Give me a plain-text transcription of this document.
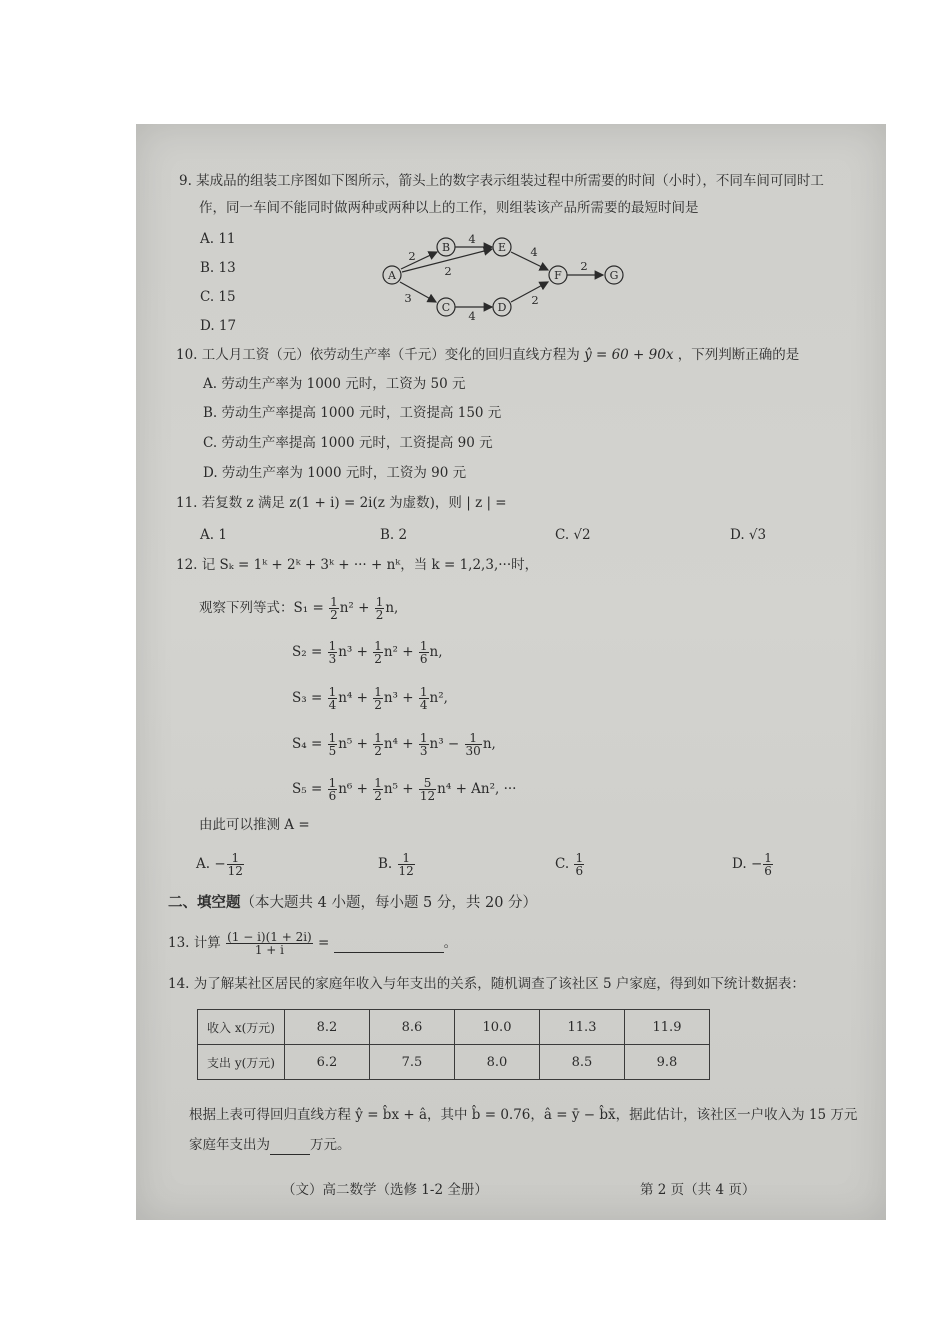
9. 某成品的组装工序图如下图所示，箭头上的数字表示组装过程中所需要的时间（小时），不同车间可同时工
作，同一车间不能同时做两种或两种以上的工作，则组装该产品所需要的最短时间是
A. 11
B. 13
C. 15
D. 17
A
B
C	D
E
F	G
2
2
3
4
4
4
2
2
10. 工人月工资（元）依劳动生产率（千元）变化的回归直线方程为 ŷ = 60 + 90x ，下列判断正确的是
A. 劳动生产率为 1000 元时，工资为 50 元
B. 劳动生产率提高 1000 元时，工资提高 150 元
C. 劳动生产率提高 1000 元时，工资提高 90 元
D. 劳动生产率为 1000 元时，工资为 90 元
11. 若复数 z 满足 z(1 + i) = 2i(z 为虚数)，则 | z | =
A. 1	B. 2	C. √2	D. √3
12. 记 Sₖ = 1ᵏ + 2ᵏ + 3ᵏ + ··· + nᵏ，当 k = 1,2,3,···时，
观察下列等式：$S_1 = \frac{1}{2} n^2 + \frac{1}{2} n$,
$S_2 = \frac{1}{3} n^3 + \frac{1}{2} n^2 + \frac{1}{6} n$,
$S_3 = \frac{1}{4} n^4 + \frac{1}{2} n^3 + \frac{1}{4} n^2$,
$S_4 = \frac{1}{5} n^5 + \frac{1}{2} n^4 + \frac{1}{3} n^3 - \frac{1}{30} n$,
$S_5 = \frac{1}{6} n^6 + \frac{1}{2} n^5 + \frac{5}{12} n^4 + An^2$, ···
由此可以推测 A =
A. − $\frac{1}{12}$	B. $\frac{1}{12}$	C. $\frac{1}{6}$	D. − $\frac{1}{6}$
二、填空题（本大题共 4 小题，每小题 5 分，共 20 分）
13. 计算 $\frac{(1 - i)(1 + 2i)}{1 + i}$ =	。
14. 为了解某社区居民的家庭年收入与年支出的关系，随机调查了该社区 5 户家庭，得到如下统计数据表：
收入 x(万元)	8.2	8.6	10.0	11.3	11.9
支出 y(万元)	6.2	7.5	8.0	8.5	9.8
根据上表可得回归直线方程 ŷ = b̂x + â，其中 b̂ = 0.76，â = ȳ − b̂x̄，据此估计，该社区一户收入为 15 万元
家庭年支出为	万元。
（文）高二数学（选修 1-2 全册）	第 2 页（共 4 页）
